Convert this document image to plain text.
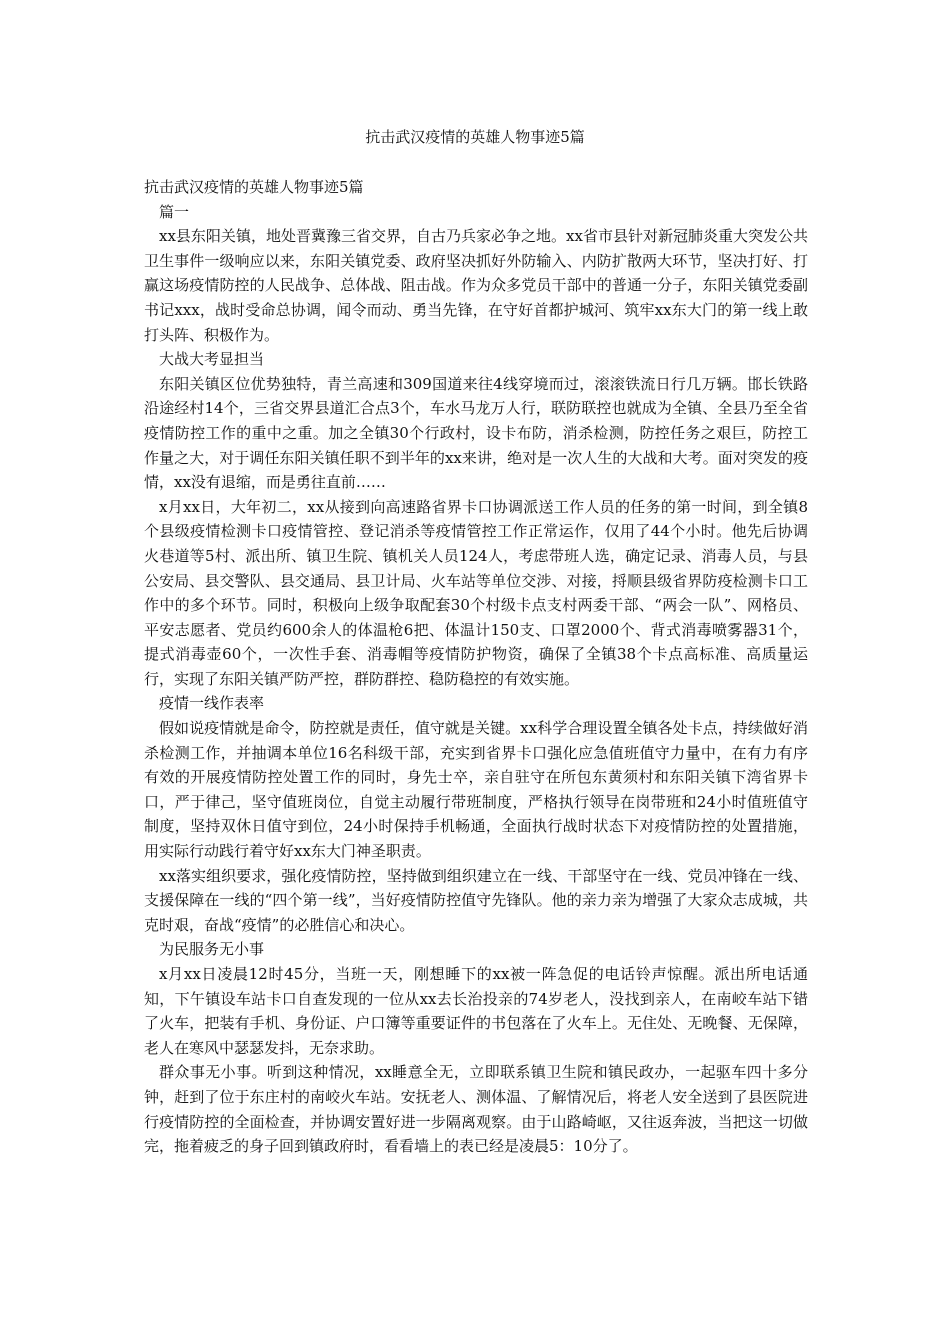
抗击武汉疫情的英雄人物事迹5篇

抗击武汉疫情的英雄人物事迹5篇

篇一

xx县东阳关镇，地处晋冀豫三省交界，自古乃兵家必争之地。xx省市县针对新冠肺炎重大突发公共卫生事件一级响应以来，东阳关镇党委、政府坚决抓好外防输入、内防扩散两大环节，坚决打好、打赢这场疫情防控的人民战争、总体战、阻击战。作为众多党员干部中的普通一分子，东阳关镇党委副书记xxx，战时受命总协调，闻令而动、勇当先锋，在守好首都护城河、筑牢xx东大门的第一线上敢打头阵、积极作为。

大战大考显担当

东阳关镇区位优势独特，青兰高速和309国道来往4线穿境而过，滚滚铁流日行几万辆。邯长铁路沿途经村14个，三省交界县道汇合点3个，车水马龙万人行，联防联控也就成为全镇、全县乃至全省疫情防控工作的重中之重。加之全镇30个行政村，设卡布防，消杀检测，防控任务之艰巨，防控工作量之大，对于调任东阳关镇任职不到半年的xx来讲，绝对是一次人生的大战和大考。面对突发的疫情，xx没有退缩，而是勇往直前……

x月xx日，大年初二，xx从接到向高速路省界卡口协调派送工作人员的任务的第一时间，到全镇8个县级疫情检测卡口疫情管控、登记消杀等疫情管控工作正常运作，仅用了44个小时。他先后协调火巷道等5村、派出所、镇卫生院、镇机关人员124人，考虑带班人选，确定记录、消毒人员，与县公安局、县交警队、县交通局、县卫计局、火车站等单位交涉、对接，捋顺县级省界防疫检测卡口工作中的多个环节。同时，积极向上级争取配套30个村级卡点支村两委干部、“两会一队”、网格员、平安志愿者、党员约600余人的体温枪6把、体温计150支、口罩2000个、背式消毒喷雾器31个，提式消毒壶60个，一次性手套、消毒帽等疫情防护物资，确保了全镇38个卡点高标准、高质量运行，实现了东阳关镇严防严控，群防群控、稳防稳控的有效实施。

疫情一线作表率

假如说疫情就是命令，防控就是责任，值守就是关键。xx科学合理设置全镇各处卡点，持续做好消杀检测工作，并抽调本单位16名科级干部，充实到省界卡口强化应急值班值守力量中，在有力有序有效的开展疫情防控处置工作的同时，身先士卒，亲自驻守在所包东黄须村和东阳关镇下湾省界卡口，严于律己，坚守值班岗位，自觉主动履行带班制度，严格执行领导在岗带班和24小时值班值守制度，坚持双休日值守到位，24小时保持手机畅通，全面执行战时状态下对疫情防控的处置措施，用实际行动践行着守好xx东大门神圣职责。

xx落实组织要求，强化疫情防控，坚持做到组织建立在一线、干部坚守在一线、党员冲锋在一线、支援保障在一线的“四个第一线”，当好疫情防控值守先锋队。他的亲力亲为增强了大家众志成城，共克时艰，奋战“疫情”的必胜信心和决心。

为民服务无小事

x月xx日凌晨12时45分，当班一天，刚想睡下的xx被一阵急促的电话铃声惊醒。派出所电话通知，下午镇设车站卡口自查发现的一位从xx去长治投亲的74岁老人，没找到亲人，在南峧车站下错了火车，把装有手机、身份证、户口簿等重要证件的书包落在了火车上。无住处、无晚餐、无保障，老人在寒风中瑟瑟发抖，无奈求助。

群众事无小事。听到这种情况，xx睡意全无，立即联系镇卫生院和镇民政办，一起驱车四十多分钟，赶到了位于东庄村的南峧火车站。安抚老人、测体温、了解情况后，将老人安全送到了县医院进行疫情防控的全面检查，并协调安置好进一步隔离观察。由于山路崎岖，又往返奔波，当把这一切做完，拖着疲乏的身子回到镇政府时，看看墙上的表已经是凌晨5：10分了。
